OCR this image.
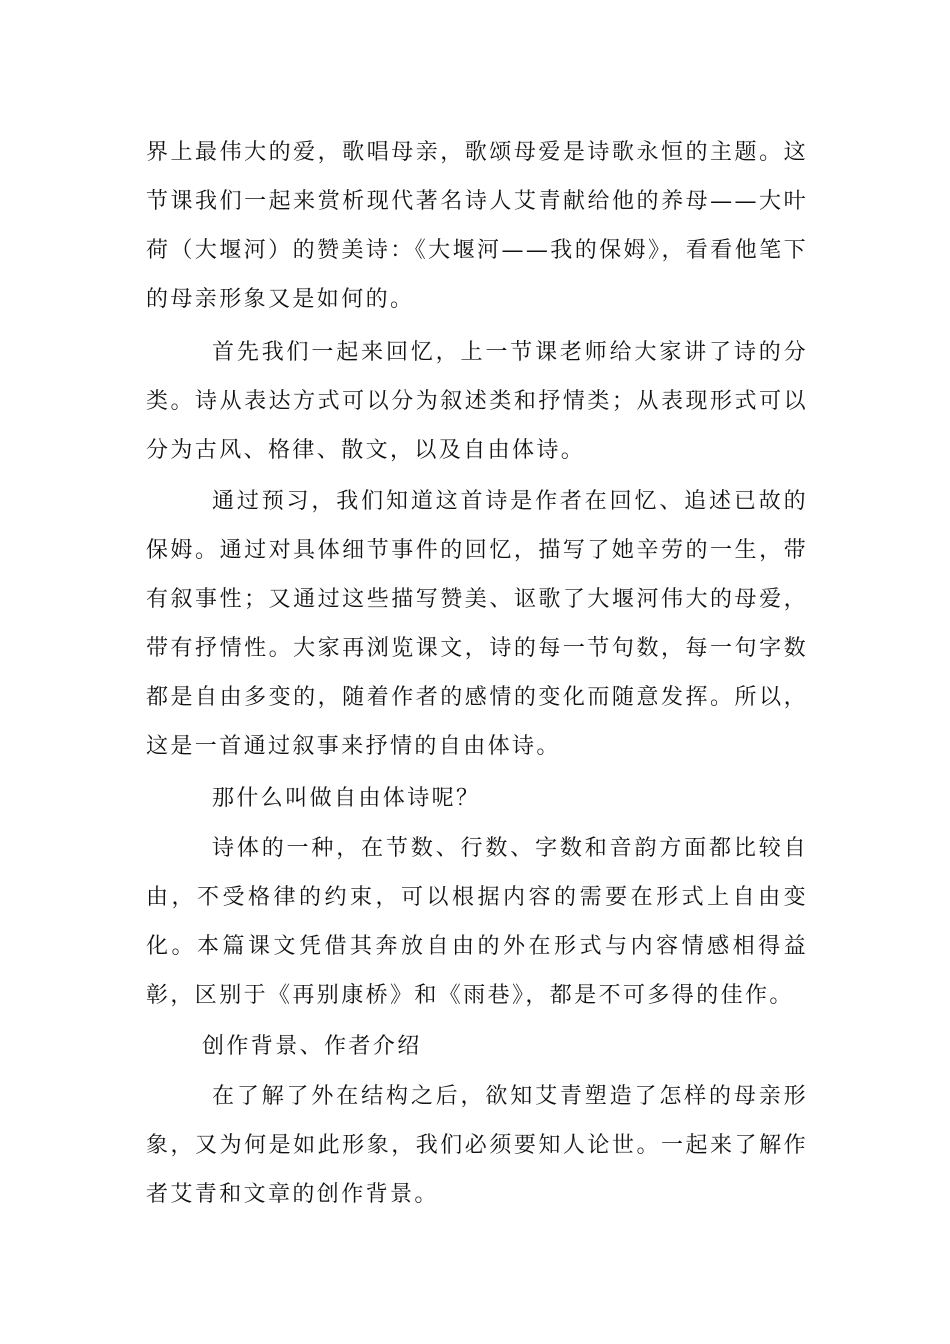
界上最伟大的爱，歌唱母亲，歌颂母爱是诗歌永恒的主题。这节课我们一起来赏析现代著名诗人艾青献给他的养母——大叶荷（大堰河）的赞美诗：《大堰河——我的保姆》，看看他笔下的母亲形象又是如何的。

首先我们一起来回忆，上一节课老师给大家讲了诗的分类。诗从表达方式可以分为叙述类和抒情类；从表现形式可以分为古风、格律、散文，以及自由体诗。

通过预习，我们知道这首诗是作者在回忆、追述已故的保姆。通过对具体细节事件的回忆，描写了她辛劳的一生，带有叙事性；又通过这些描写赞美、讴歌了大堰河伟大的母爱，带有抒情性。大家再浏览课文，诗的每一节句数，每一句字数都是自由多变的，随着作者的感情的变化而随意发挥。所以，这是一首通过叙事来抒情的自由体诗。

那什么叫做自由体诗呢？

诗体的一种，在节数、行数、字数和音韵方面都比较自由，不受格律的约束，可以根据内容的需要在形式上自由变化。本篇课文凭借其奔放自由的外在形式与内容情感相得益彰，区别于《再别康桥》和《雨巷》，都是不可多得的佳作。

创作背景、作者介绍

在了解了外在结构之后，欲知艾青塑造了怎样的母亲形象，又为何是如此形象，我们必须要知人论世。一起来了解作者艾青和文章的创作背景。
